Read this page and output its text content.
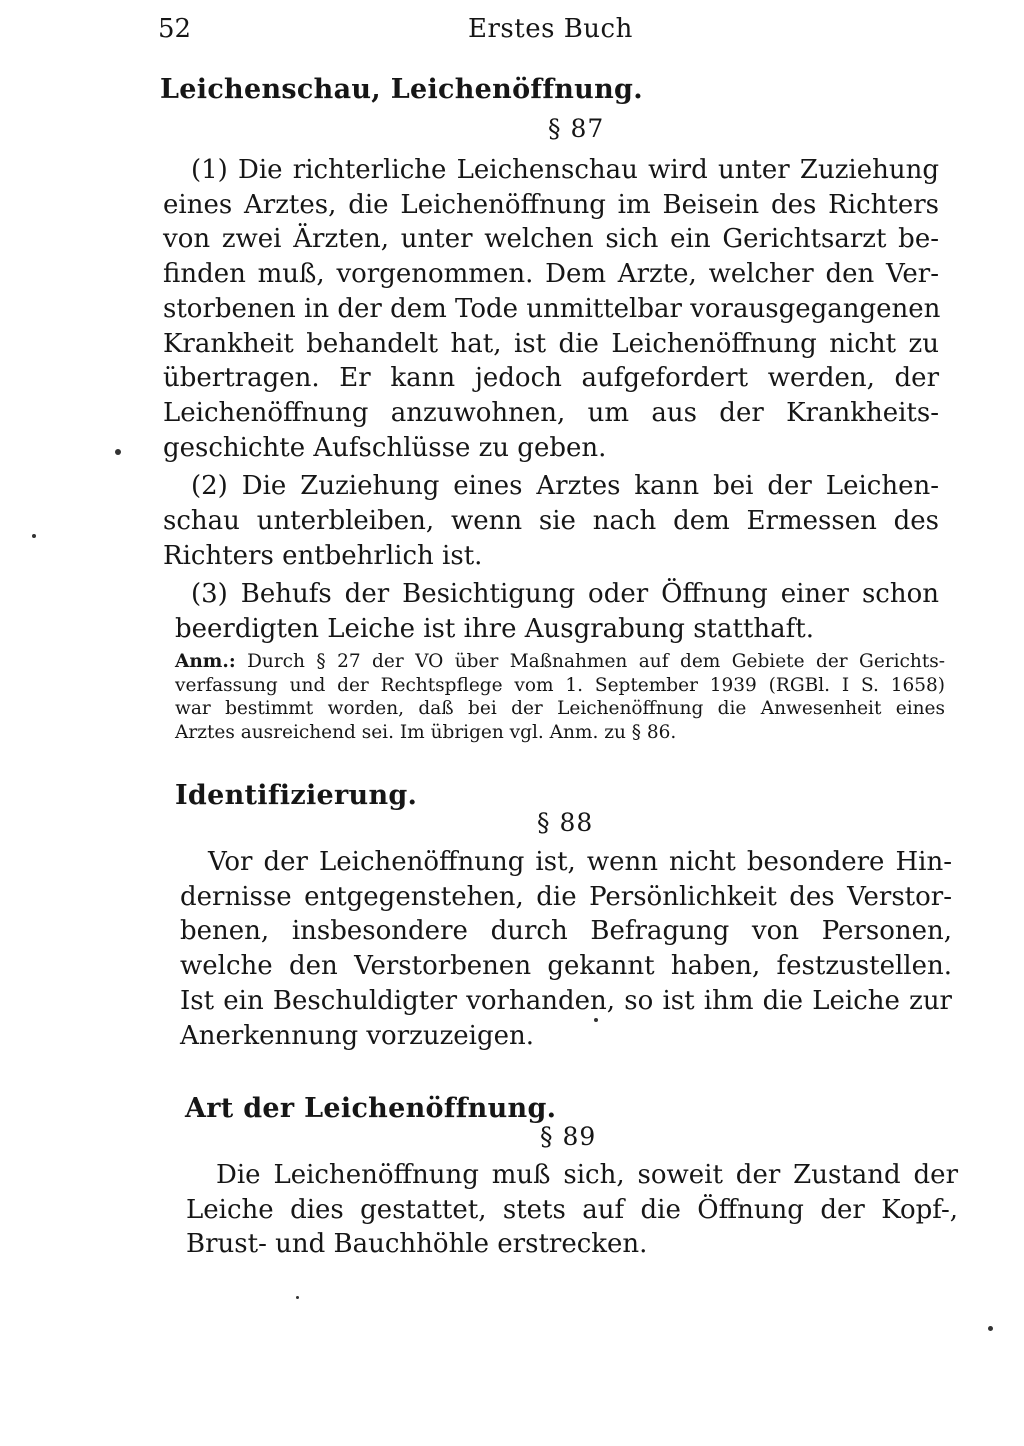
52	Erstes Buch
Leichenschau, Leichenöffnung.
§ 87

(1) Die richterliche Leichenschau wird unter Zuziehung
eines Arztes, die Leichenöffnung im Beisein des Richters
von zwei Ärzten, unter welchen sich ein Gerichtsarzt be-
finden muß, vorgenommen. Dem Arzte, welcher den Ver-
storbenen in der dem Tode unmittelbar vorausgegangenen
Krankheit behandelt hat, ist die Leichenöffnung nicht zu
übertragen. Er kann jedoch aufgefordert werden, der
Leichenöffnung anzuwohnen, um aus der Krankheits-
geschichte Aufschlüsse zu geben.

(2) Die Zuziehung eines Arztes kann bei der Leichen-
schau unterbleiben, wenn sie nach dem Ermessen des
Richters entbehrlich ist.

(3) Behufs der Besichtigung oder Öffnung einer schon
beerdigten Leiche ist ihre Ausgrabung statthaft.

Anm.: Durch § 27 der VO über Maßnahmen auf dem Gebiete der Gerichts-
verfassung und der Rechtspflege vom 1. September 1939 (RGBl. I S. 1658)
war bestimmt worden, daß bei der Leichenöffnung die Anwesenheit eines
Arztes ausreichend sei. Im übrigen vgl. Anm. zu § 86.
Identifizierung.
§ 88

Vor der Leichenöffnung ist, wenn nicht besondere Hin-
dernisse entgegenstehen, die Persönlichkeit des Verstor-
benen, insbesondere durch Befragung von Personen,
welche den Verstorbenen gekannt haben, festzustellen.
Ist ein Beschuldigter vorhanden, so ist ihm die Leiche zur
Anerkennung vorzuzeigen.

Art der Leichenöffnung.
§ 89

Die Leichenöffnung muß sich, soweit der Zustand der
Leiche dies gestattet, stets auf die Öffnung der Kopf-,
Brust- und Bauchhöhle erstrecken.
